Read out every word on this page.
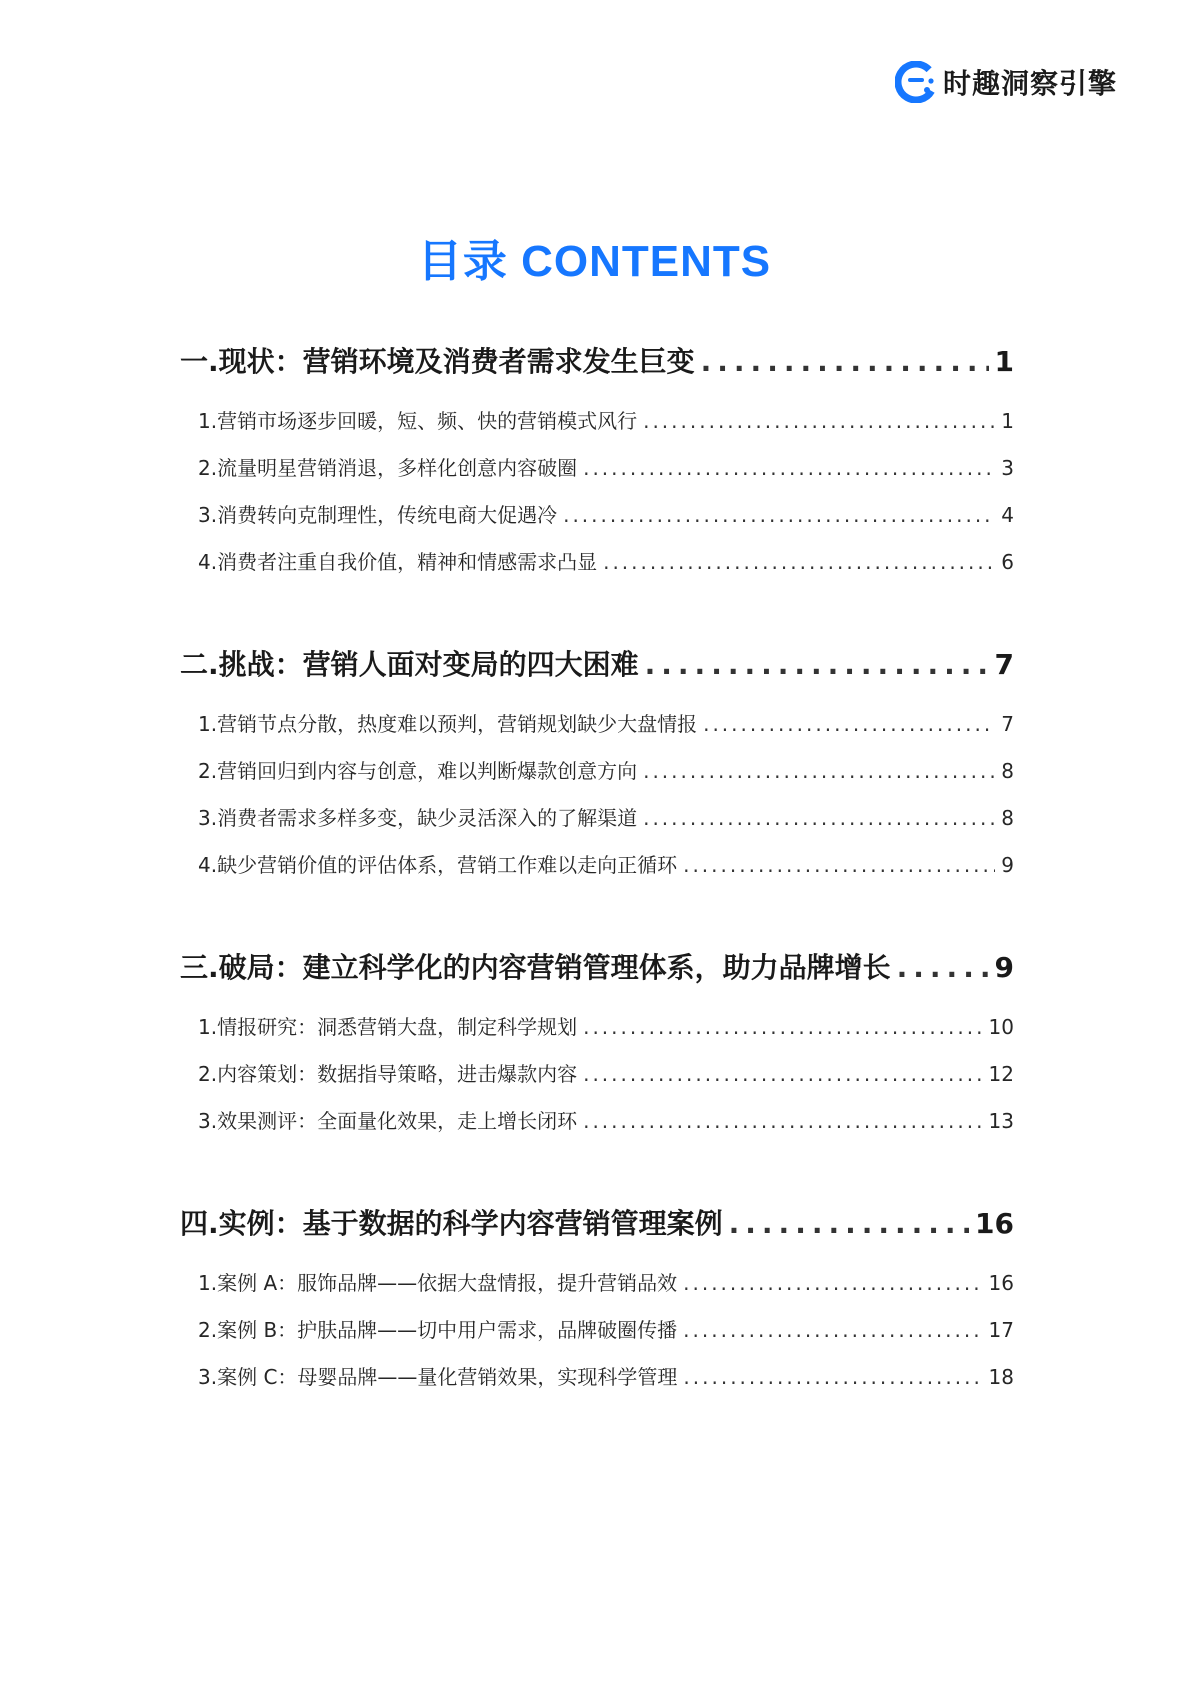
时趣洞察引擎
目录 CONTENTS
一.现状：营销环境及消费者需求发生巨变 .....	1
1.营销市场逐步回暖，短、频、快的营销模式风行 .....	1
2.流量明星营销消退，多样化创意内容破圈 .....	3
3.消费转向克制理性，传统电商大促遇冷 .....	4
4.消费者注重自我价值，精神和情感需求凸显 .....	6
二.挑战：营销人面对变局的四大困难 .....	7
1.营销节点分散，热度难以预判，营销规划缺少大盘情报 .....	7
2.营销回归到内容与创意，难以判断爆款创意方向 .....	8
3.消费者需求多样多变，缺少灵活深入的了解渠道 .....	8
4.缺少营销价值的评估体系，营销工作难以走向正循环 .....	9
三.破局：建立科学化的内容营销管理体系，助力品牌增长 .....	9
1.情报研究：洞悉营销大盘，制定科学规划 .....	10
2.内容策划：数据指导策略，进击爆款内容 .....	12
3.效果测评：全面量化效果，走上增长闭环 .....	13
四.实例：基于数据的科学内容营销管理案例 .....	16
1.案例 A：服饰品牌——依据大盘情报，提升营销品效 .....	16
2.案例 B：护肤品牌——切中用户需求，品牌破圈传播 .....	17
3.案例 C：母婴品牌——量化营销效果，实现科学管理 .....	18
